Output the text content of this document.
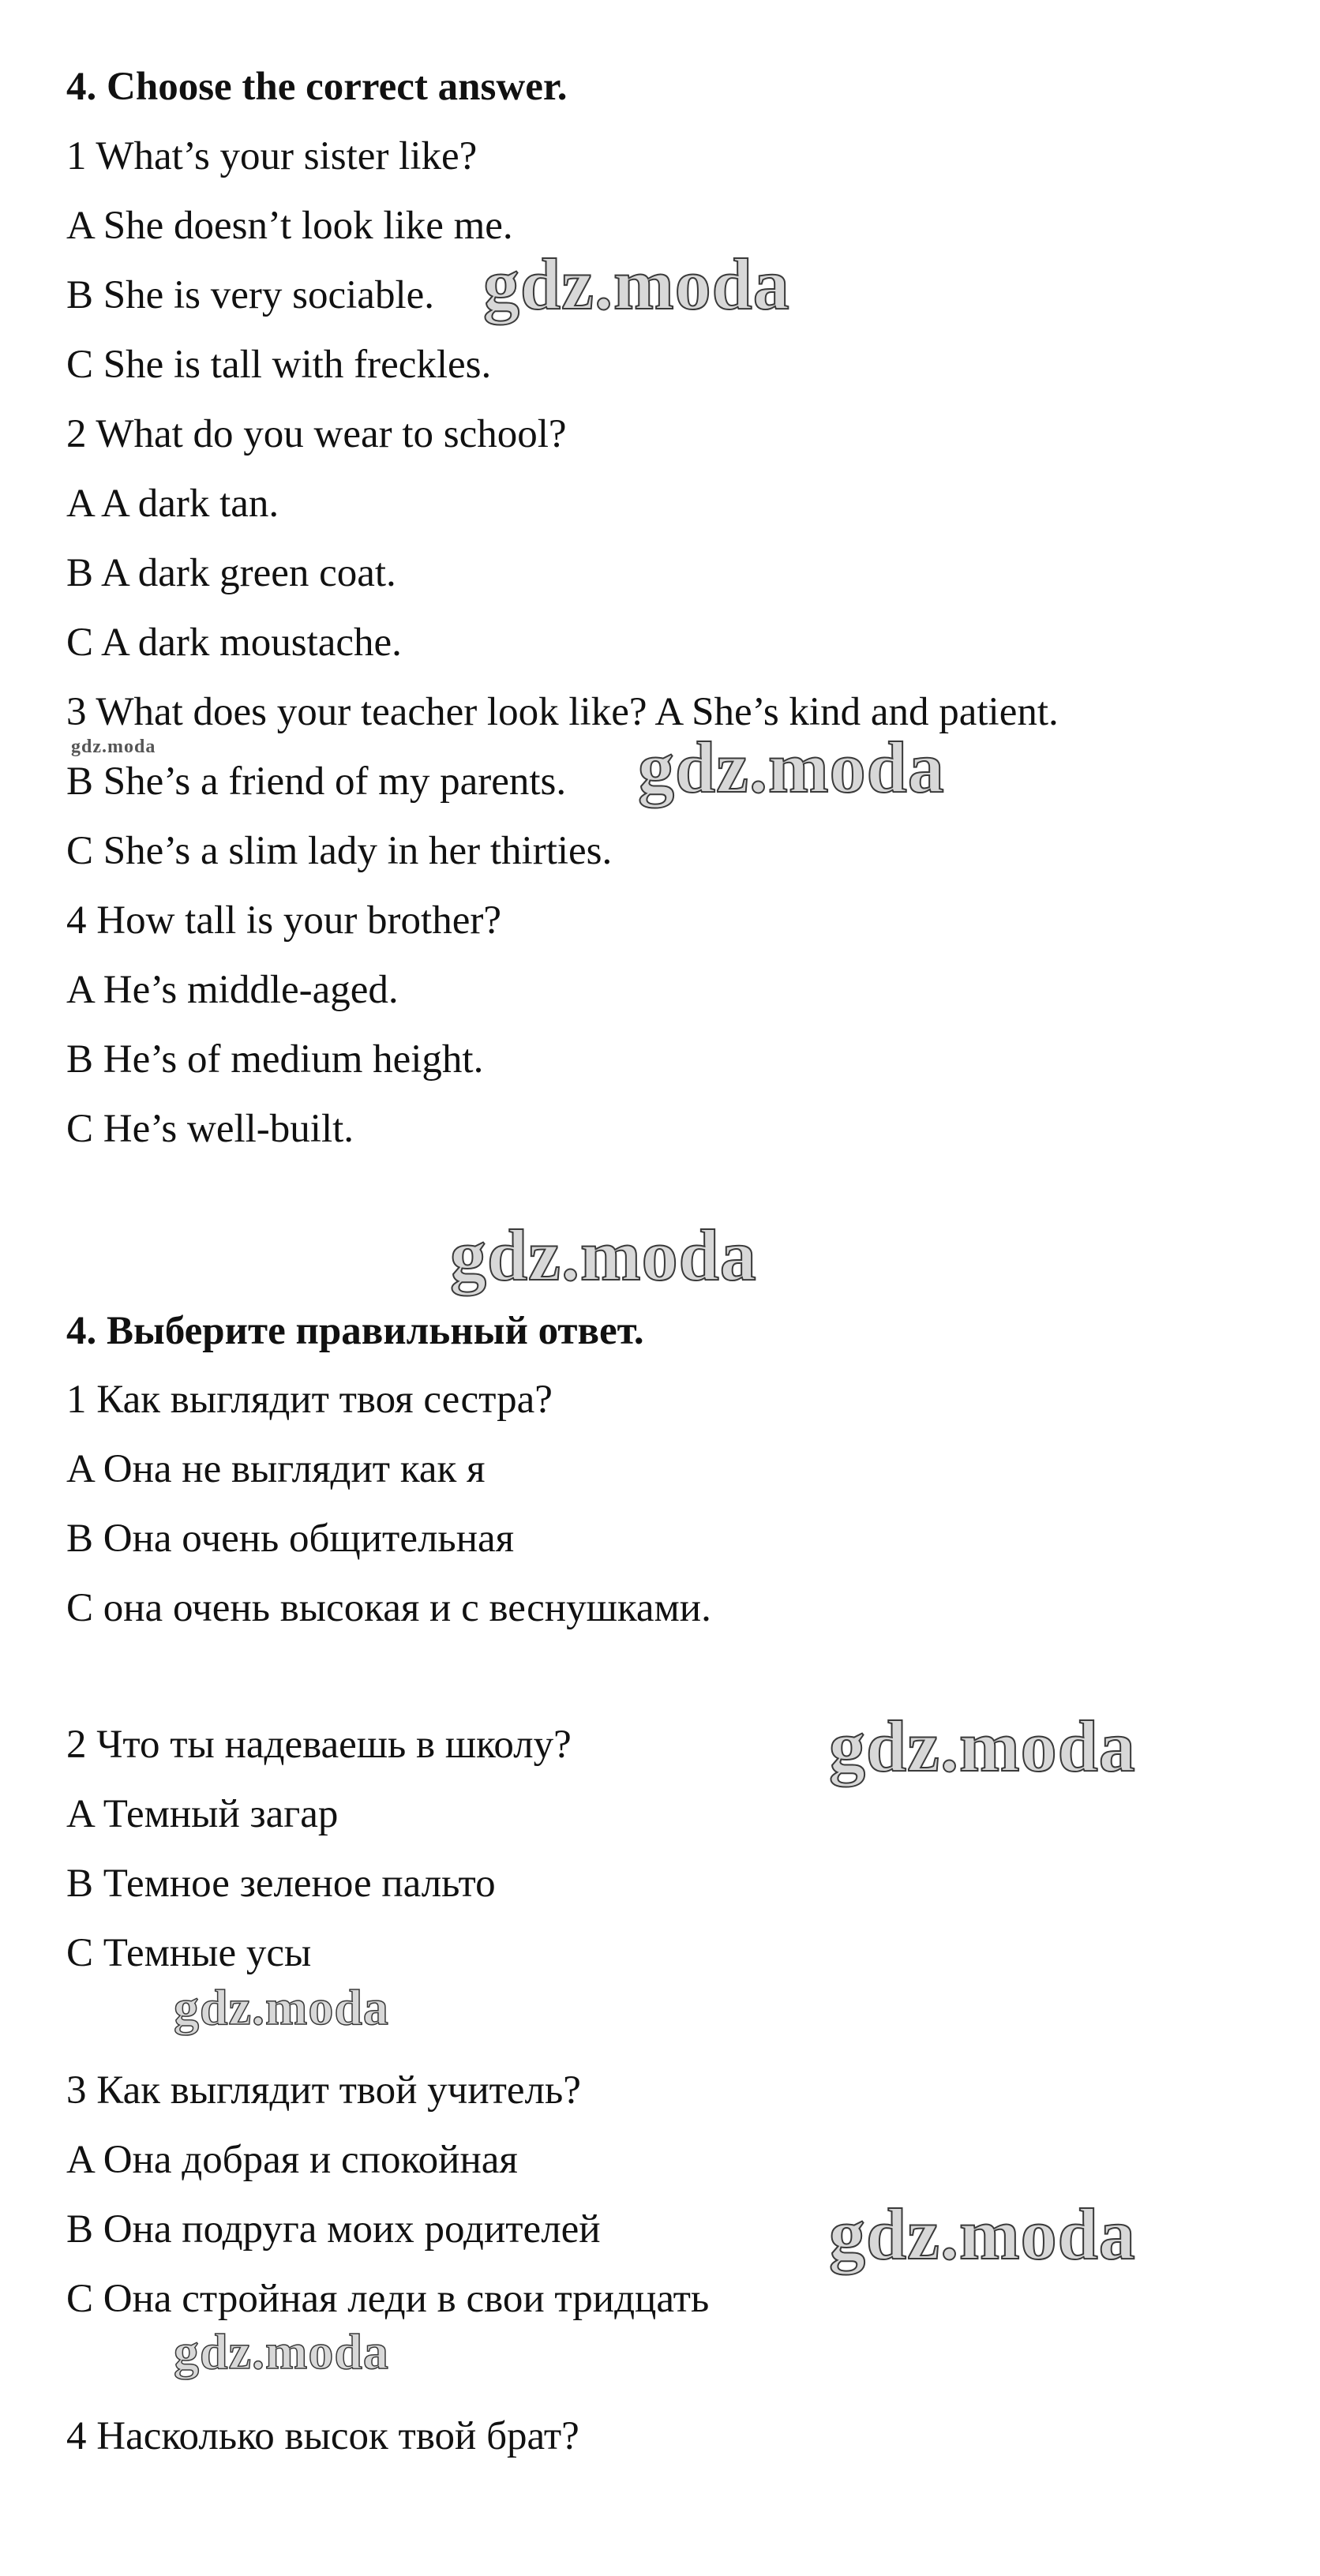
4. Choose the correct answer.
1 What’s your sister like?
A She doesn’t look like me.
B She is very sociable.
C She is tall with freckles.
2 What do you wear to school?
A A dark tan.
B A dark green coat.
C A dark moustache.
3 What does your teacher look like? A She’s kind and patient.
B She’s a friend of my parents.
C She’s a slim lady in her thirties.
4 How tall is your brother?
A He’s middle-aged.
B He’s of medium height.
C He’s well-built.
4. Выберите правильный ответ.
1 Как выглядит твоя сестра?
A Она не выглядит как я
B Она очень общительная
C она очень высокая и с веснушками.
2 Что ты надеваешь в школу?
A Темный загар
B Темное зеленое пальто
C Темные усы
3 Как выглядит твой учитель?
A Она добрая и спокойная
B Она подруга моих родителей
C Она стройная леди в свои тридцать
4 Насколько высок твой брат?
gdz.moda
gdz.moda	gdz.moda
gdz.moda
gdz.moda
gdz.moda
gdz.moda
gdz.moda
